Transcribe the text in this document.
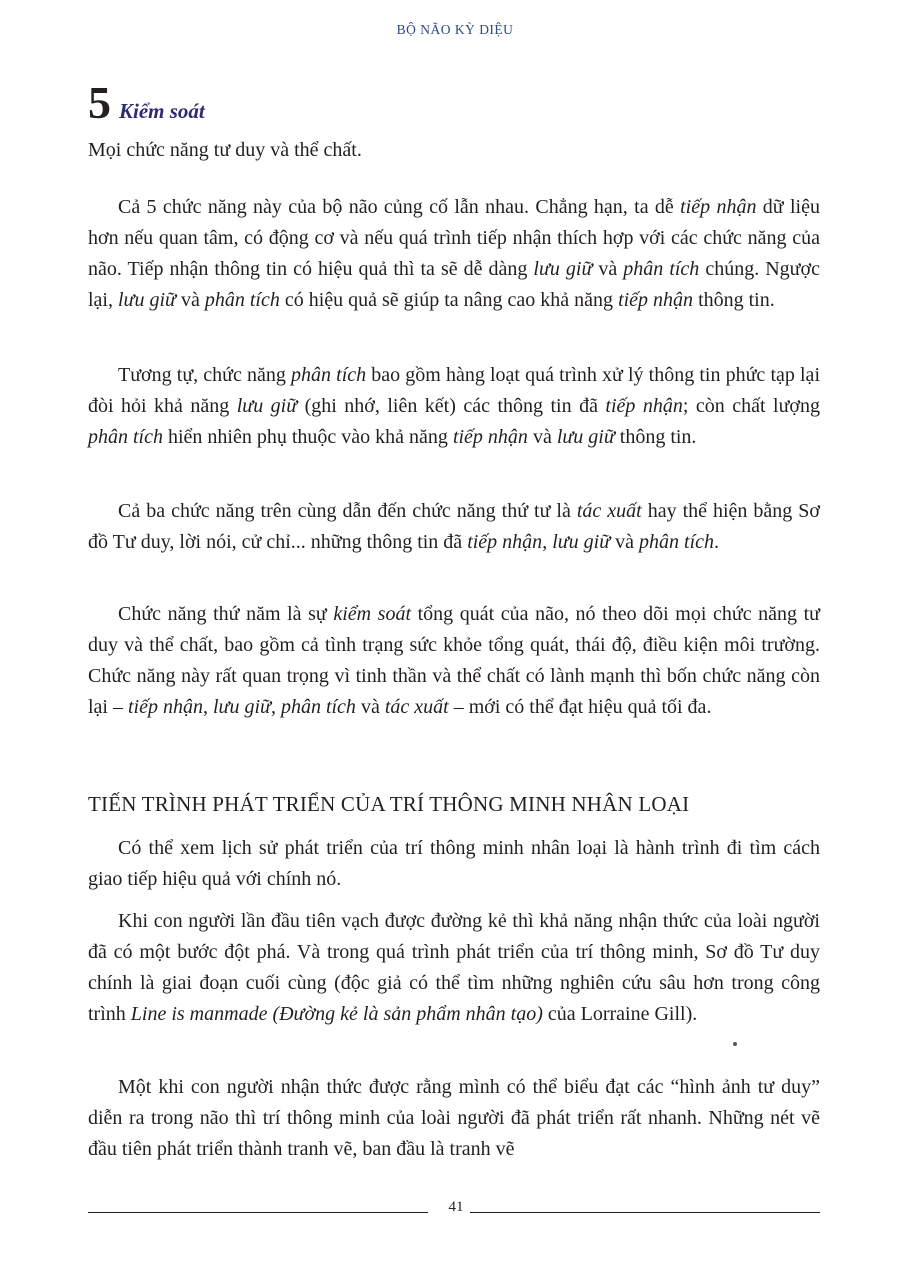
BỘ NÃO KỲ DIỆU
5 Kiểm soát

Mọi chức năng tư duy và thể chất.

Cả 5 chức năng này của bộ não củng cố lẫn nhau. Chẳng hạn, ta dễ tiếp nhận dữ liệu hơn nếu quan tâm, có động cơ và nếu quá trình tiếp nhận thích hợp với các chức năng của não. Tiếp nhận thông tin có hiệu quả thì ta sẽ dễ dàng lưu giữ và phân tích chúng. Ngược lại, lưu giữ và phân tích có hiệu quả sẽ giúp ta nâng cao khả năng tiếp nhận thông tin.

Tương tự, chức năng phân tích bao gồm hàng loạt quá trình xử lý thông tin phức tạp lại đòi hỏi khả năng lưu giữ (ghi nhớ, liên kết) các thông tin đã tiếp nhận; còn chất lượng phân tích hiển nhiên phụ thuộc vào khả năng tiếp nhận và lưu giữ thông tin.

Cả ba chức năng trên cùng dẫn đến chức năng thứ tư là tác xuất hay thể hiện bằng Sơ đồ Tư duy, lời nói, cử chỉ... những thông tin đã tiếp nhận, lưu giữ và phân tích.

Chức năng thứ năm là sự kiểm soát tổng quát của não, nó theo dõi mọi chức năng tư duy và thể chất, bao gồm cả tình trạng sức khỏe tổng quát, thái độ, điều kiện môi trường. Chức năng này rất quan trọng vì tinh thần và thể chất có lành mạnh thì bốn chức năng còn lại – tiếp nhận, lưu giữ, phân tích và tác xuất – mới có thể đạt hiệu quả tối đa.

TIẾN TRÌNH PHÁT TRIỂN CỦA TRÍ THÔNG MINH NHÂN LOẠI

Có thể xem lịch sử phát triển của trí thông minh nhân loại là hành trình đi tìm cách giao tiếp hiệu quả với chính nó.

Khi con người lần đầu tiên vạch được đường kẻ thì khả năng nhận thức của loài người đã có một bước đột phá. Và trong quá trình phát triển của trí thông minh, Sơ đồ Tư duy chính là giai đoạn cuối cùng (độc giả có thể tìm những nghiên cứu sâu hơn trong công trình Line is manmade (Đường kẻ là sản phẩm nhân tạo) của Lorraine Gill).

Một khi con người nhận thức được rằng mình có thể biểu đạt các “hình ảnh tư duy” diễn ra trong não thì trí thông minh của loài người đã phát triển rất nhanh. Những nét vẽ đầu tiên phát triển thành tranh vẽ, ban đầu là tranh vẽ

41
